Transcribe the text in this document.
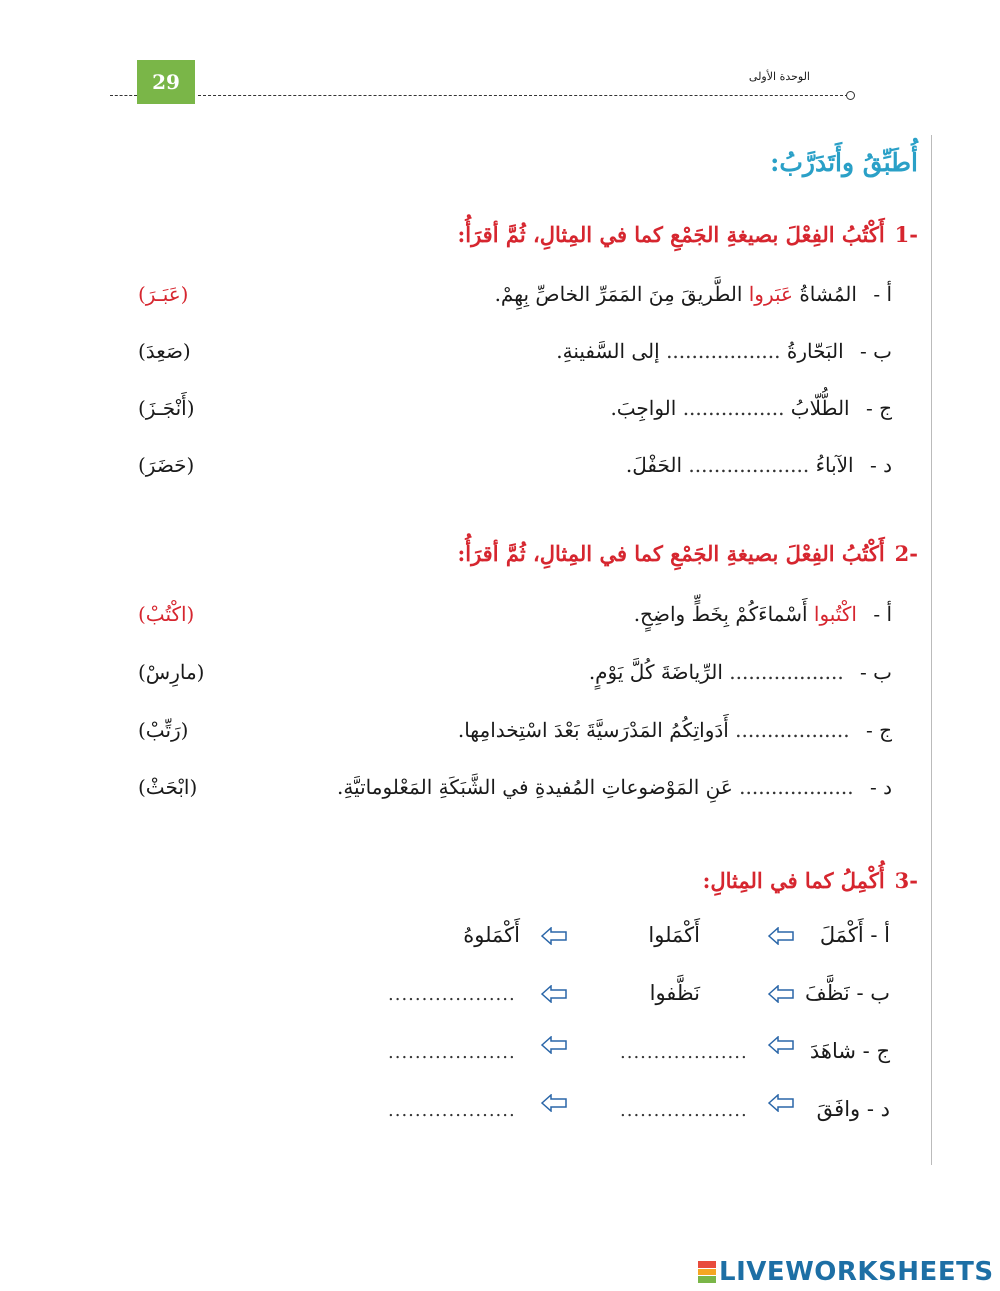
29	الوحدة الأولى
أُطَبِّقُ وأَتَدَرَّبُ:
-1أَكْتُبُ الفِعْلَ بصيغةِ الجَمْعِ كما في المِثالِ، ثُمَّ أقرَأُ:
أ - المُشاةُ عَبَروا الطَّريقَ مِنَ المَمَرِّ الخاصِّ بِهِمْ.
(عَبَـرَ)
ب - البَحّارةُ .................. إلى السَّفينةِ.
(صَعِدَ)
ج - الطُّلّابُ ................ الواجِبَ.
(أَنْجَـزَ)
د - الآباءُ ................... الحَفْلَ.
(حَضَرَ)
-2أَكْتُبُ الفِعْلَ بصيغةِ الجَمْعِ كما في المِثالِ، ثُمَّ أقرَأُ:
أ - اكْتُبوا أَسْماءَكُمْ بِخَطٍّ واضِحٍ.
(اكْتُبْ)
ب - .................. الرِّياضَةَ كُلَّ يَوْمٍ.
(مارِسْ)
ج - .................. أَدَواتِكُمُ المَدْرَسيَّةَ بَعْدَ اسْتِخدامِها.
(رَتِّبْ)
د - .................. عَنِ المَوْضوعاتِ المُفيدةِ في الشَّبَكَةِ المَعْلوماتيَّةِ.
(ابْحَثْ)
-3أُكْمِلُ كما في المِثالِ:
أ - أَكْمَلَ
أَكْمَلوا
أَكْمَلوهُ
ب - نَظَّفَ
نَظَّفوا
...................
ج - شاهَدَ
...................
...................
د - وافَقَ
...................
...................
LIVEWORKSHEETS
